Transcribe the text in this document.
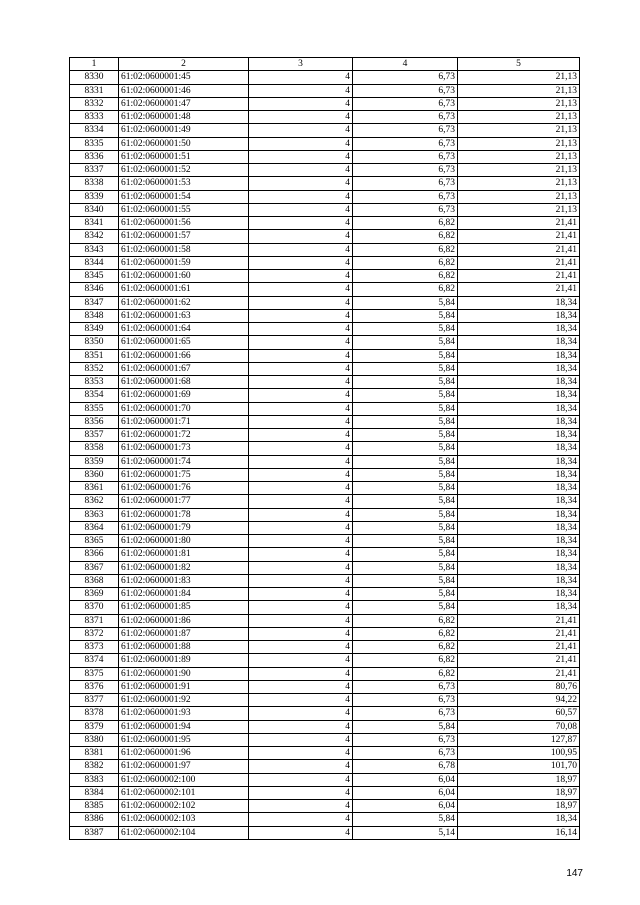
1	2	3	4	5
8330	61:02:0600001:45	4	6,73	21,13
8331	61:02:0600001:46	4	6,73	21,13
8332	61:02:0600001:47	4	6,73	21,13
8333	61:02:0600001:48	4	6,73	21,13
8334	61:02:0600001:49	4	6,73	21,13
8335	61:02:0600001:50	4	6,73	21,13
8336	61:02:0600001:51	4	6,73	21,13
8337	61:02:0600001:52	4	6,73	21,13
8338	61:02:0600001:53	4	6,73	21,13
8339	61:02:0600001:54	4	6,73	21,13
8340	61:02:0600001:55	4	6,73	21,13
8341	61:02:0600001:56	4	6,82	21,41
8342	61:02:0600001:57	4	6,82	21,41
8343	61:02:0600001:58	4	6,82	21,41
8344	61:02:0600001:59	4	6,82	21,41
8345	61:02:0600001:60	4	6,82	21,41
8346	61:02:0600001:61	4	6,82	21,41
8347	61:02:0600001:62	4	5,84	18,34
8348	61:02:0600001:63	4	5,84	18,34
8349	61:02:0600001:64	4	5,84	18,34
8350	61:02:0600001:65	4	5,84	18,34
8351	61:02:0600001:66	4	5,84	18,34
8352	61:02:0600001:67	4	5,84	18,34
8353	61:02:0600001:68	4	5,84	18,34
8354	61:02:0600001:69	4	5,84	18,34
8355	61:02:0600001:70	4	5,84	18,34
8356	61:02:0600001:71	4	5,84	18,34
8357	61:02:0600001:72	4	5,84	18,34
8358	61:02:0600001:73	4	5,84	18,34
8359	61:02:0600001:74	4	5,84	18,34
8360	61:02:0600001:75	4	5,84	18,34
8361	61:02:0600001:76	4	5,84	18,34
8362	61:02:0600001:77	4	5,84	18,34
8363	61:02:0600001:78	4	5,84	18,34
8364	61:02:0600001:79	4	5,84	18,34
8365	61:02:0600001:80	4	5,84	18,34
8366	61:02:0600001:81	4	5,84	18,34
8367	61:02:0600001:82	4	5,84	18,34
8368	61:02:0600001:83	4	5,84	18,34
8369	61:02:0600001:84	4	5,84	18,34
8370	61:02:0600001:85	4	5,84	18,34
8371	61:02:0600001:86	4	6,82	21,41
8372	61:02:0600001:87	4	6,82	21,41
8373	61:02:0600001:88	4	6,82	21,41
8374	61:02:0600001:89	4	6,82	21,41
8375	61:02:0600001:90	4	6,82	21,41
8376	61:02:0600001:91	4	6,73	80,76
8377	61:02:0600001:92	4	6,73	94,22
8378	61:02:0600001:93	4	6,73	60,57
8379	61:02:0600001:94	4	5,84	70,08
8380	61:02:0600001:95	4	6,73	127,87
8381	61:02:0600001:96	4	6,73	100,95
8382	61:02:0600001:97	4	6,78	101,70
8383	61:02:0600002:100	4	6,04	18,97
8384	61:02:0600002:101	4	6,04	18,97
8385	61:02:0600002:102	4	6,04	18,97
8386	61:02:0600002:103	4	5,84	18,34
8387	61:02:0600002:104	4	5,14	16,14
147
